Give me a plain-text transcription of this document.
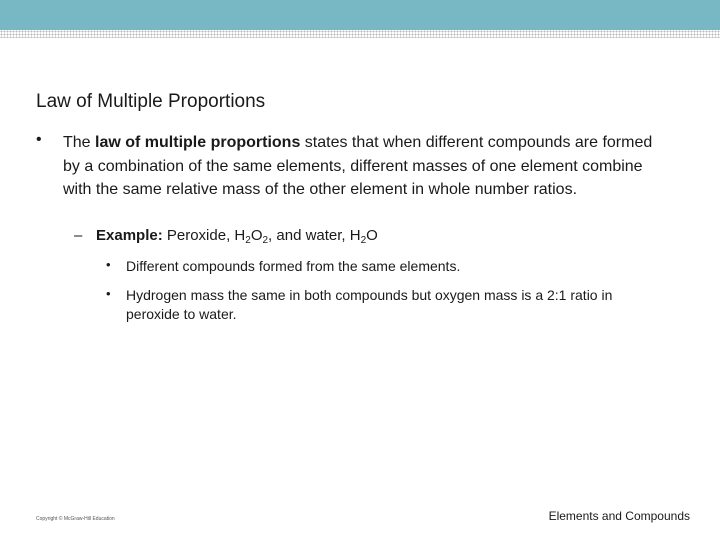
Law of Multiple Proportions
• The law of multiple proportions states that when different compounds are formed by a combination of the same elements, different masses of one element combine with the same relative mass of the other element in whole number ratios.
– Example: Peroxide, $H_2O_2$, and water, $H_2O$
• Different compounds formed from the same elements.
• Hydrogen mass the same in both compounds but oxygen mass is a 2:1 ratio in peroxide to water.
Copyright © McGraw-Hill Education	Elements and Compounds
